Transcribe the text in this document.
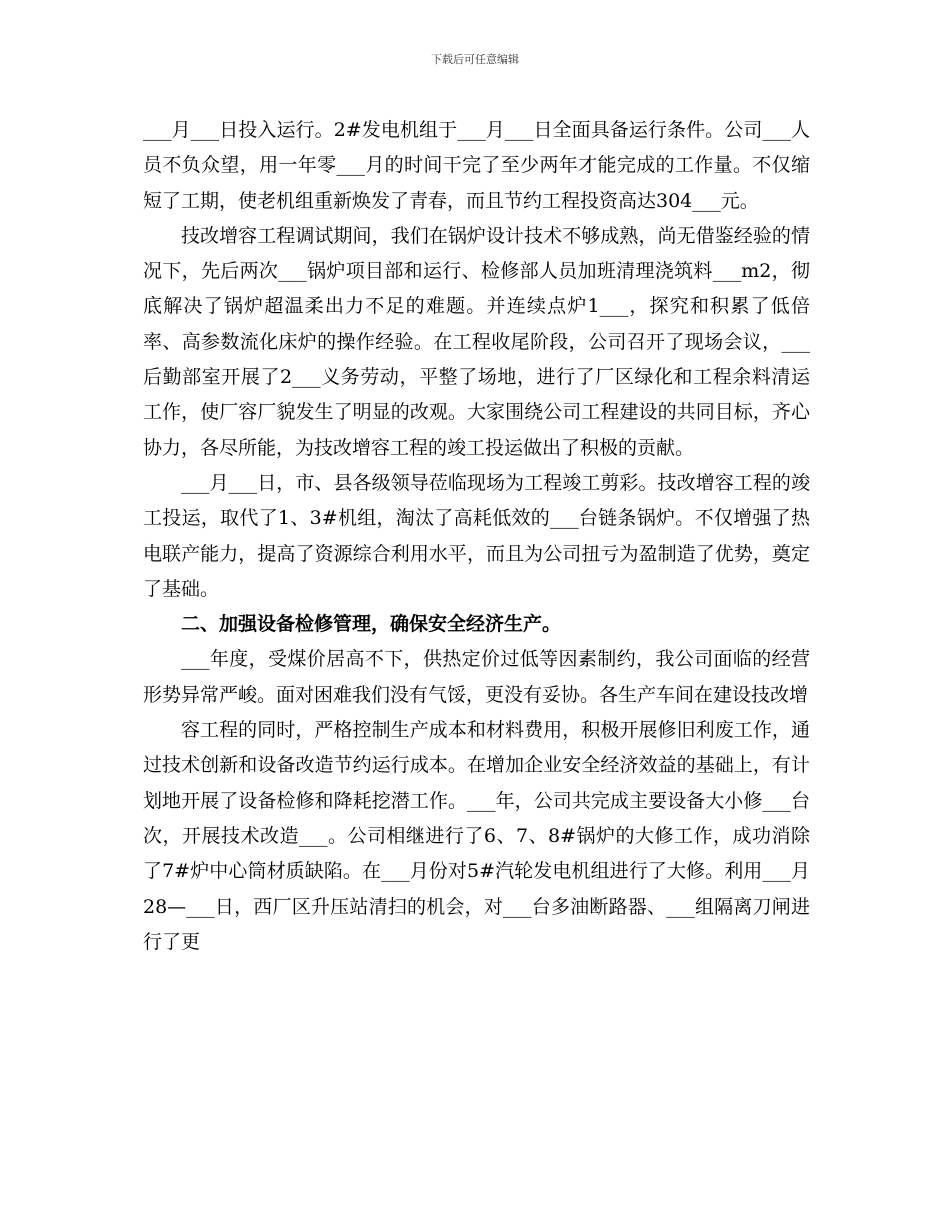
下载后可任意编辑

___月___日投入运行。2#发电机组于___月___日全面具备运行条件。公司___人员不负众望，用一年零___月的时间干完了至少两年才能完成的工作量。不仅缩短了工期，使老机组重新焕发了青春，而且节约工程投资高达304___元。

技改增容工程调试期间，我们在锅炉设计技术不够成熟，尚无借鉴经验的情况下，先后两次___锅炉项目部和运行、检修部人员加班清理浇筑料___m2，彻底解决了锅炉超温柔出力不足的难题。并连续点炉1___，探究和积累了低倍率、高参数流化床炉的操作经验。在工程收尾阶段，公司召开了现场会议，___后勤部室开展了2___义务劳动，平整了场地，进行了厂区绿化和工程余料清运工作，使厂容厂貌发生了明显的改观。大家围绕公司工程建设的共同目标，齐心协力，各尽所能，为技改增容工程的竣工投运做出了积极的贡献。

___月___日，市、县各级领导莅临现场为工程竣工剪彩。技改增容工程的竣工投运，取代了1、3#机组，淘汰了高耗低效的___台链条锅炉。不仅增强了热电联产能力，提高了资源综合利用水平，而且为公司扭亏为盈制造了优势，奠定了基础。

二、加强设备检修管理，确保安全经济生产。

___年度，受煤价居高不下，供热定价过低等因素制约，我公司面临的经营形势异常严峻。面对困难我们没有气馁，更没有妥协。各生产车间在建设技改增

容工程的同时，严格控制生产成本和材料费用，积极开展修旧利废工作，通过技术创新和设备改造节约运行成本。在增加企业安全经济效益的基础上，有计划地开展了设备检修和降耗挖潜工作。___年，公司共完成主要设备大小修___台次，开展技术改造___。公司相继进行了6、7、8#锅炉的大修工作，成功消除了7#炉中心筒材质缺陷。在___月份对5#汽轮发电机组进行了大修。利用___月28—___日，西厂区升压站清扫的机会，对___台多油断路器、___组隔离刀闸进行了更
